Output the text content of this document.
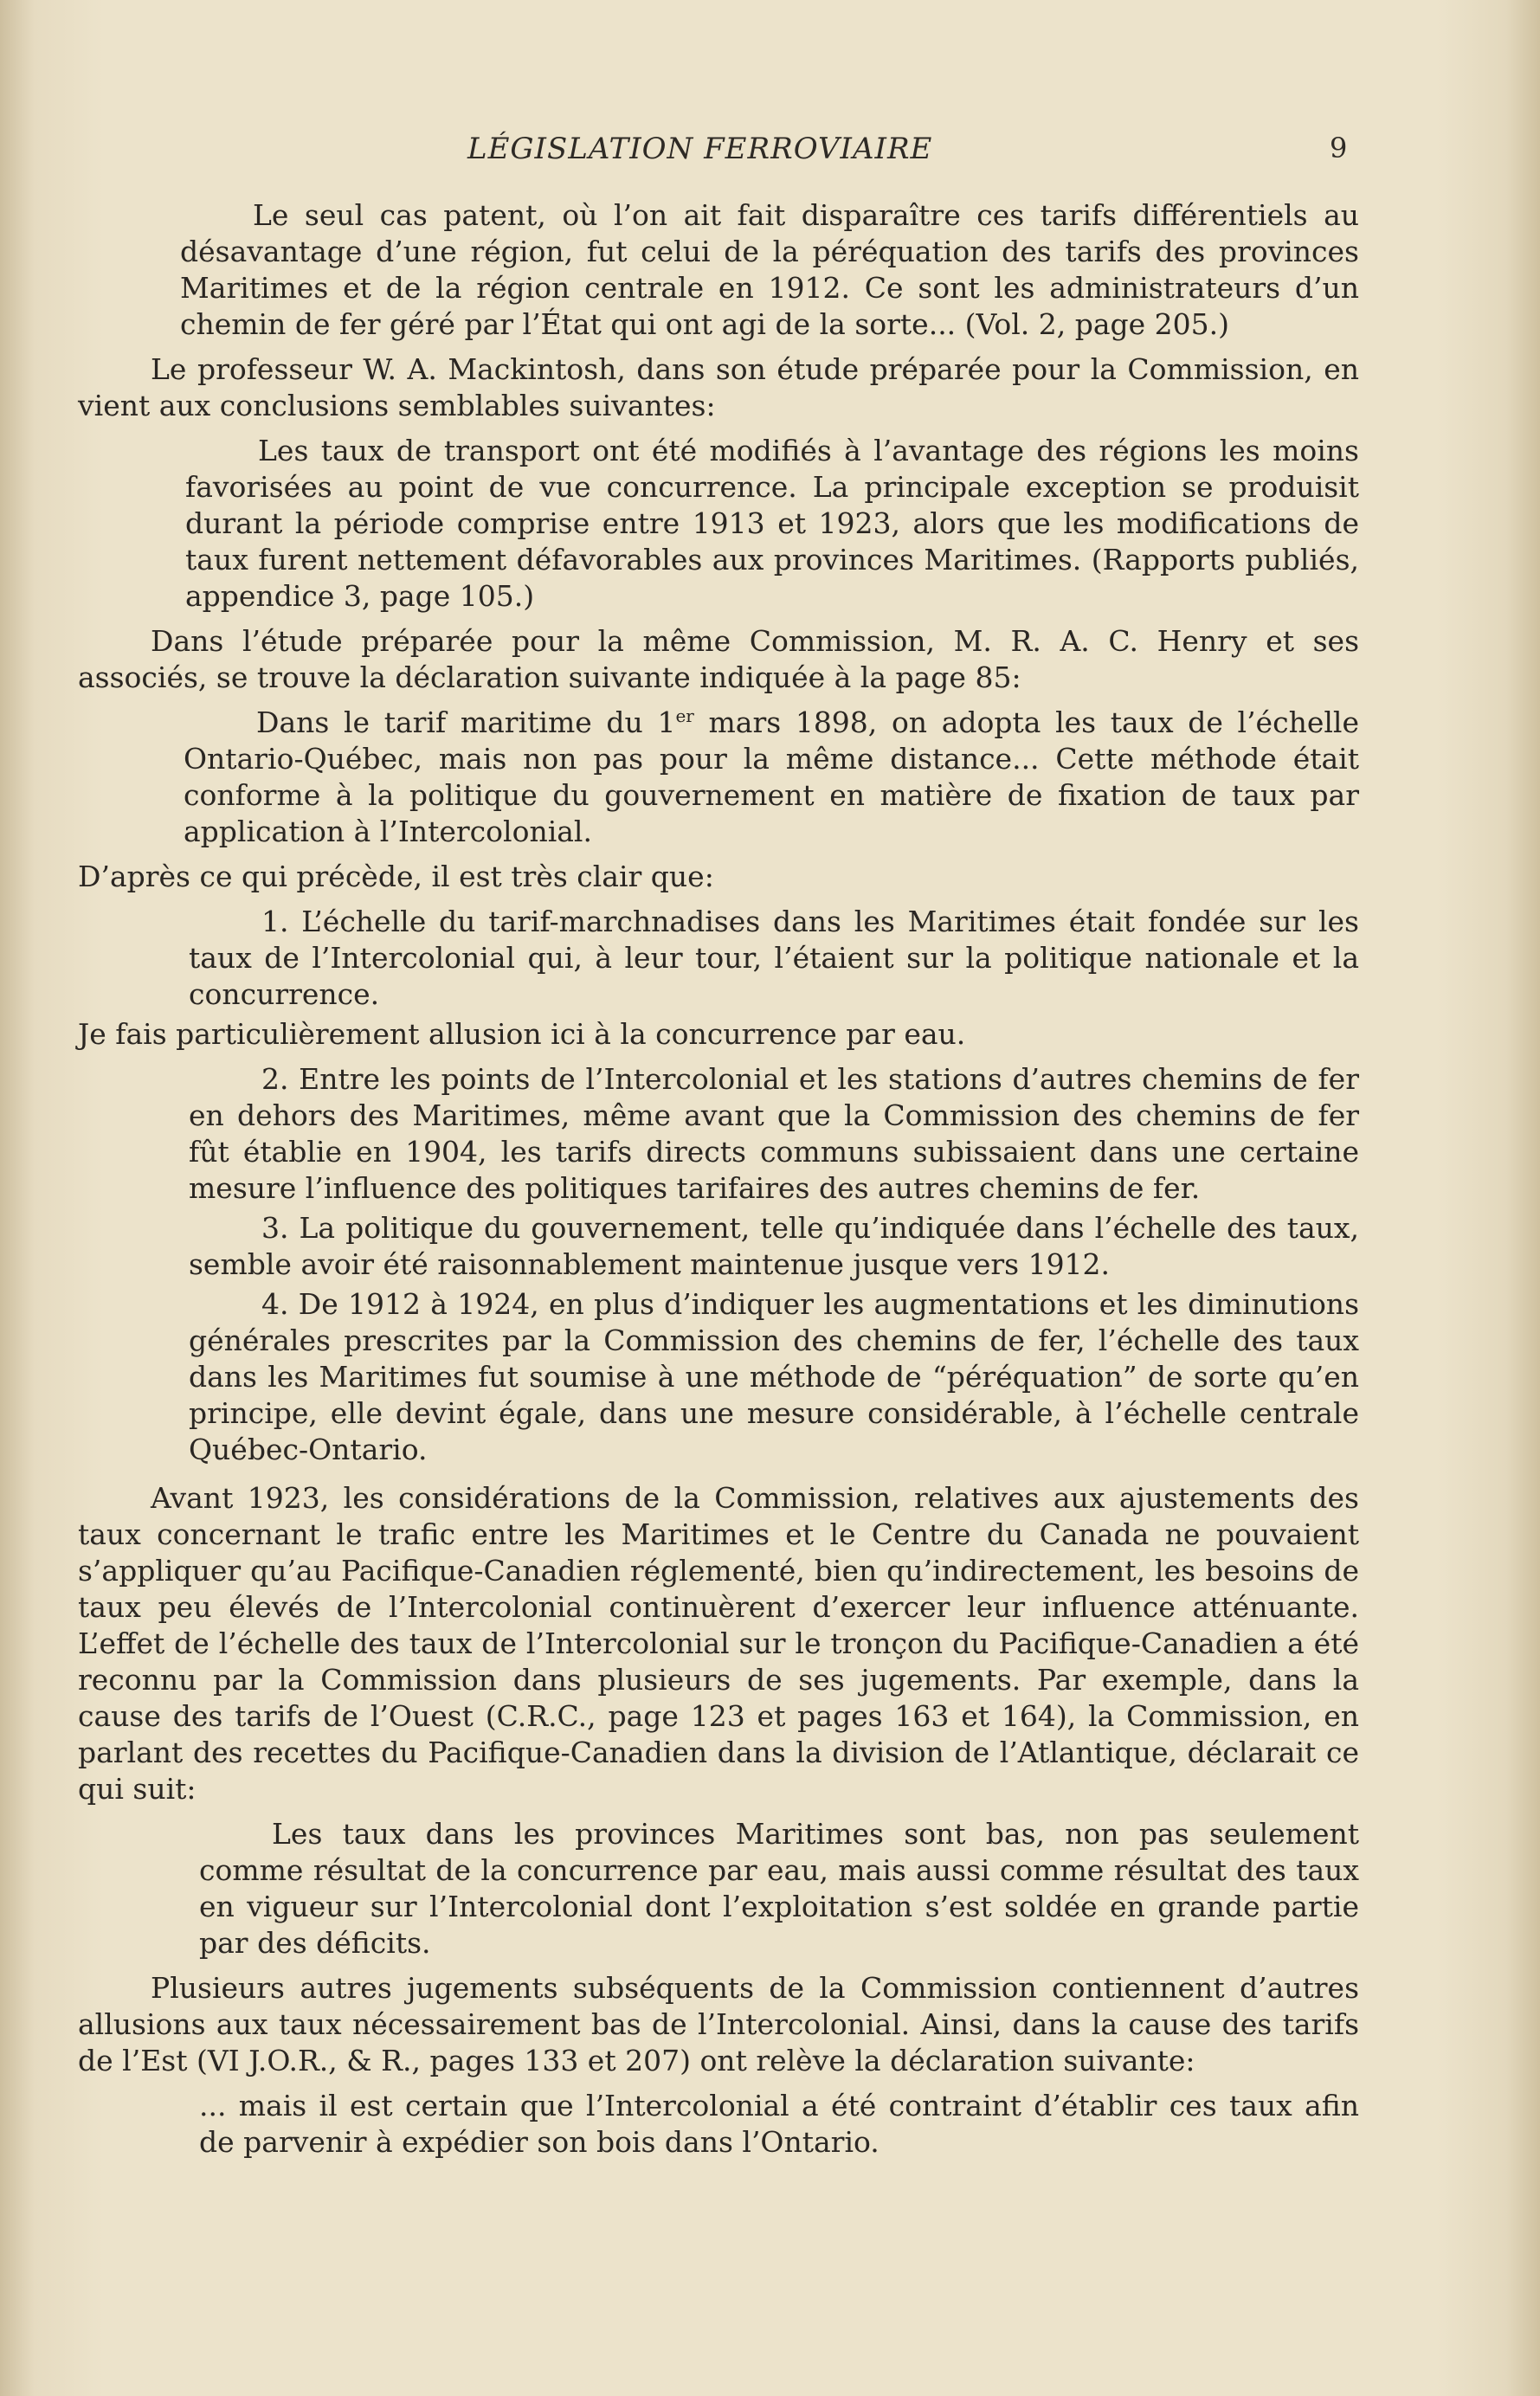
LÉGISLATION FERROVIAIRE	9

Le seul cas patent, où l’on ait fait disparaître ces tarifs différentiels au désavantage d’une région, fut celui de la péréquation des tarifs des provinces Maritimes et de la région centrale en 1912. Ce sont les administrateurs d’un chemin de fer géré par l’État qui ont agi de la sorte... (Vol. 2, page 205.)

Le professeur W. A. Mackintosh, dans son étude préparée pour la Commission, en vient aux conclusions semblables suivantes:

Les taux de transport ont été modifiés à l’avantage des régions les moins favorisées au point de vue concurrence. La principale exception se produisit durant la période comprise entre 1913 et 1923, alors que les modifications de taux furent nettement défavorables aux provinces Maritimes. (Rapports publiés, appendice 3, page 105.)

Dans l’étude préparée pour la même Commission, M. R. A. C. Henry et ses associés, se trouve la déclaration suivante indiquée à la page 85:

Dans le tarif maritime du 1er mars 1898, on adopta les taux de l’échelle Ontario-Québec, mais non pas pour la même distance... Cette méthode était conforme à la politique du gouvernement en matière de fixation de taux par application à l’Intercolonial.

D’après ce qui précède, il est très clair que:

1. L’échelle du tarif-marchnadises dans les Maritimes était fondée sur les taux de l’Intercolonial qui, à leur tour, l’étaient sur la politique nationale et la concurrence.

Je fais particulièrement allusion ici à la concurrence par eau.

2. Entre les points de l’Intercolonial et les stations d’autres chemins de fer en dehors des Maritimes, même avant que la Commission des chemins de fer fût établie en 1904, les tarifs directs communs subissaient dans une certaine mesure l’influence des politiques tarifaires des autres chemins de fer.

3. La politique du gouvernement, telle qu’indiquée dans l’échelle des taux, semble avoir été raisonnablement maintenue jusque vers 1912.

4. De 1912 à 1924, en plus d’indiquer les augmentations et les diminutions générales prescrites par la Commission des chemins de fer, l’échelle des taux dans les Maritimes fut soumise à une méthode de “péréquation” de sorte qu’en principe, elle devint égale, dans une mesure considérable, à l’échelle centrale Québec-Ontario.

Avant 1923, les considérations de la Commission, relatives aux ajustements des taux concernant le trafic entre les Maritimes et le Centre du Canada ne pouvaient s’appliquer qu’au Pacifique-Canadien réglementé, bien qu’indirectement, les besoins de taux peu élevés de l’Intercolonial continuèrent d’exercer leur influence atténuante. L’effet de l’échelle des taux de l’Intercolonial sur le tronçon du Pacifique-Canadien a été reconnu par la Commission dans plusieurs de ses jugements. Par exemple, dans la cause des tarifs de l’Ouest (C.R.C., page 123 et pages 163 et 164), la Commission, en parlant des recettes du Pacifique-Canadien dans la division de l’Atlantique, déclarait ce qui suit:

Les taux dans les provinces Maritimes sont bas, non pas seulement comme résultat de la concurrence par eau, mais aussi comme résultat des taux en vigueur sur l’Intercolonial dont l’exploitation s’est soldée en grande partie par des déficits.

Plusieurs autres jugements subséquents de la Commission contiennent d’autres allusions aux taux nécessairement bas de l’Intercolonial. Ainsi, dans la cause des tarifs de l’Est (VI J.O.R., & R., pages 133 et 207) ont relève la déclaration suivante:

... mais il est certain que l’Intercolonial a été contraint d’établir ces taux afin de parvenir à expédier son bois dans l’Ontario.
